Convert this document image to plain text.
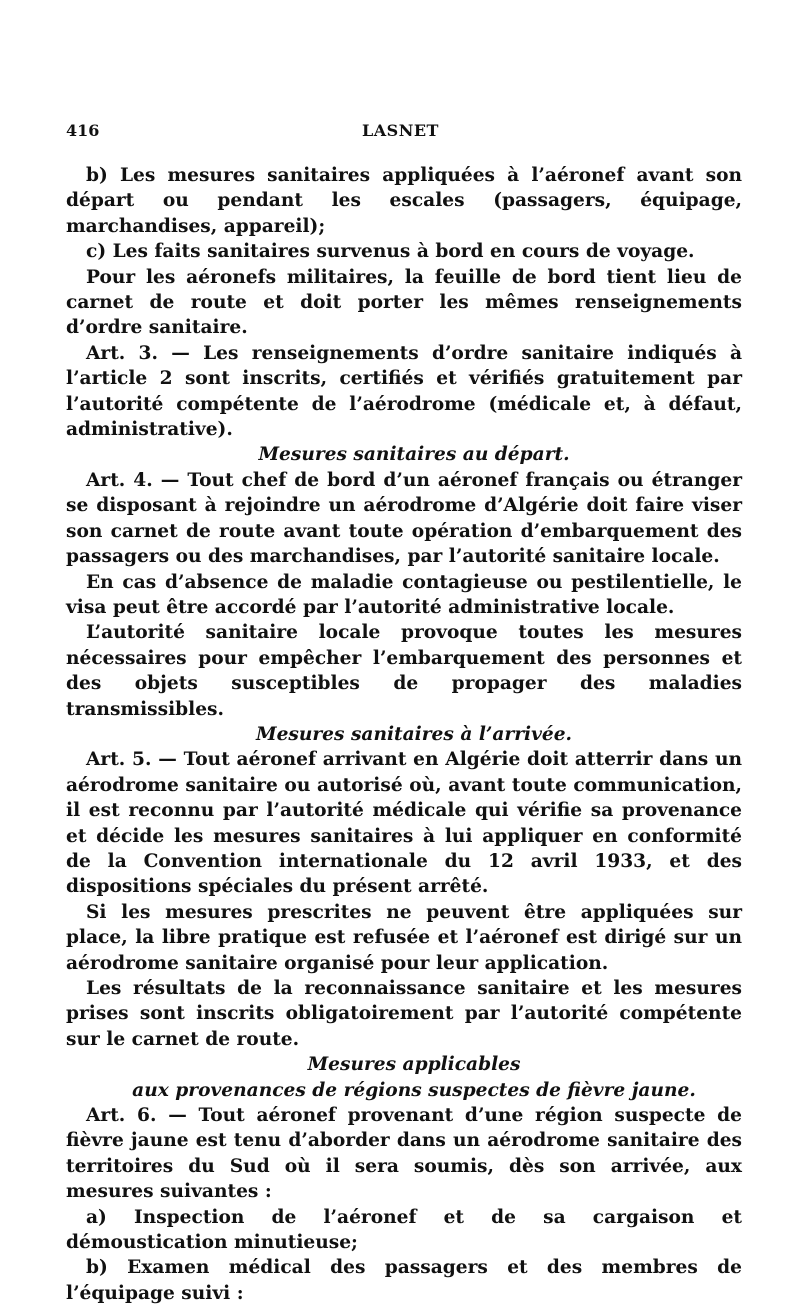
416	LASNET

b) Les mesures sanitaires appliquées à l’aéronef avant son départ ou pendant les escales (passagers, équipage, marchandises, appareil);

c) Les faits sanitaires survenus à bord en cours de voyage.

Pour les aéronefs militaires, la feuille de bord tient lieu de carnet de route et doit porter les mêmes renseignements d’ordre sanitaire.

Art. 3. — Les renseignements d’ordre sanitaire indiqués à l’article 2 sont inscrits, certifiés et vérifiés gratuitement par l’autorité compétente de l’aérodrome (médicale et, à défaut, administrative).

Mesures sanitaires au départ.

Art. 4. — Tout chef de bord d’un aéronef français ou étranger se disposant à rejoindre un aérodrome d’Algérie doit faire viser son carnet de route avant toute opération d’embarquement des passagers ou des marchandises, par l’autorité sanitaire locale.

En cas d’absence de maladie contagieuse ou pestilentielle, le visa peut être accordé par l’autorité administrative locale.

L’autorité sanitaire locale provoque toutes les mesures nécessaires pour empêcher l’embarquement des personnes et des objets susceptibles de propager des maladies transmissibles.

Mesures sanitaires à l’arrivée.

Art. 5. — Tout aéronef arrivant en Algérie doit atterrir dans un aérodrome sanitaire ou autorisé où, avant toute communication, il est reconnu par l’autorité médicale qui vérifie sa provenance et décide les mesures sanitaires à lui appliquer en conformité de la Convention internationale du 12 avril 1933, et des dispositions spéciales du présent arrêté.

Si les mesures prescrites ne peuvent être appliquées sur place, la libre pratique est refusée et l’aéronef est dirigé sur un aérodrome sanitaire organisé pour leur application.

Les résultats de la reconnaissance sanitaire et les mesures prises sont inscrits obligatoirement par l’autorité compétente sur le carnet de route.

Mesures applicables

aux provenances de régions suspectes de fièvre jaune.

Art. 6. — Tout aéronef provenant d’une région suspecte de fièvre jaune est tenu d’aborder dans un aérodrome sanitaire des territoires du Sud où il sera soumis, dès son arrivée, aux mesures suivantes :

a) Inspection de l’aéronef et de sa cargaison et démoustication minutieuse;

b) Examen médical des passagers et des membres de l’équipage suivi :
